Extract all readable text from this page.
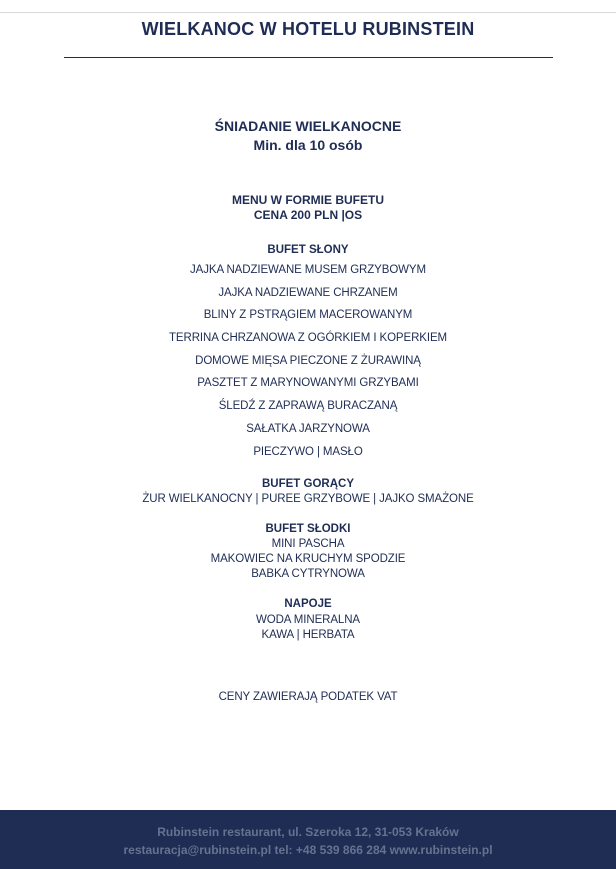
WIELKANOC W HOTELU RUBINSTEIN
ŚNIADANIE WIELKANOCNE
Min. dla 10 osób
MENU W FORMIE BUFETU
CENA 200 PLN |OS
BUFET SŁONY
JAJKA NADZIEWANE MUSEM GRZYBOWYM
JAJKA NADZIEWANE CHRZANEM
BLINY Z PSTRĄGIEM MACEROWANYM
TERRINA CHRZANOWA Z OGÓRKIEM I KOPERKIEM
DOMOWE MIĘSA PIECZONE Z ŻURAWINĄ
PASZTET Z MARYNOWANYMI GRZYBAMI
ŚLEDŹ Z ZAPRAWĄ BURACZANĄ
SAŁATKA JARZYNOWA
PIECZYWO | MASŁO
BUFET GORĄCY
ŻUR WIELKANOCNY | PUREE GRZYBOWE | JAJKO SMAŻONE
BUFET SŁODKI
MINI PASCHA
MAKOWIEC NA KRUCHYM SPODZIE
BABKA CYTRYNOWA
NAPOJE
WODA MINERALNA
KAWA | HERBATA
CENY ZAWIERAJĄ PODATEK VAT
Rubinstein restaurant, ul. Szeroka 12, 31-053 Kraków
restauracja@rubinstein.pl tel: +48 539 866 284 www.rubinstein.pl
